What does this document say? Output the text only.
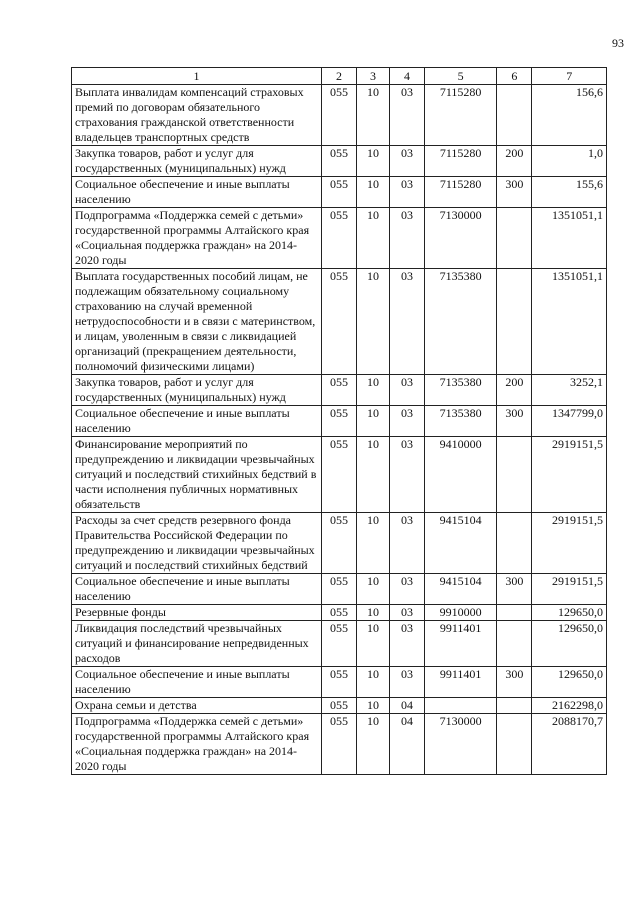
93
1	2	3	4	5	6	7
Выплата инвалидам компенсаций страховых премий по договорам обязательного страхования гражданской ответственности владельцев транспортных средств	055	10	03	7115280		156,6
Закупка товаров, работ и услуг для государственных (муниципальных) нужд	055	10	03	7115280	200	1,0
Социальное обеспечение и иные выплаты населению	055	10	03	7115280	300	155,6
Подпрограмма «Поддержка семей с детьми» государственной программы Алтайского края «Социальная поддержка граждан» на 2014-2020 годы	055	10	03	7130000		1351051,1
Выплата государственных пособий лицам, не подлежащим обязательному социальному страхованию на случай временной нетрудоспособности и в связи с материнством, и лицам, уволенным в связи с ликвидацией организаций (прекращением деятельности, полномочий физическими лицами)	055	10	03	7135380		1351051,1
Закупка товаров, работ и услуг для государственных (муниципальных) нужд	055	10	03	7135380	200	3252,1
Социальное обеспечение и иные выплаты населению	055	10	03	7135380	300	1347799,0
Финансирование мероприятий по предупреждению и ликвидации чрезвычайных ситуаций и последствий стихийных бедствий в части исполнения публичных нормативных обязательств	055	10	03	9410000		2919151,5
Расходы за счет средств резервного фонда Правительства Российской Федерации по предупреждению и ликвидации чрезвычайных ситуаций и последствий стихийных бедствий	055	10	03	9415104		2919151,5
Социальное обеспечение и иные выплаты населению	055	10	03	9415104	300	2919151,5
Резервные фонды	055	10	03	9910000		129650,0
Ликвидация последствий чрезвычайных ситуаций и финансирование непредвиденных расходов	055	10	03	9911401		129650,0
Социальное обеспечение и иные выплаты населению	055	10	03	9911401	300	129650,0
Охрана семьи и детства	055	10	04			2162298,0
Подпрограмма «Поддержка семей с детьми» государственной программы Алтайского края «Социальная поддержка граждан» на 2014-2020 годы	055	10	04	7130000		2088170,7
